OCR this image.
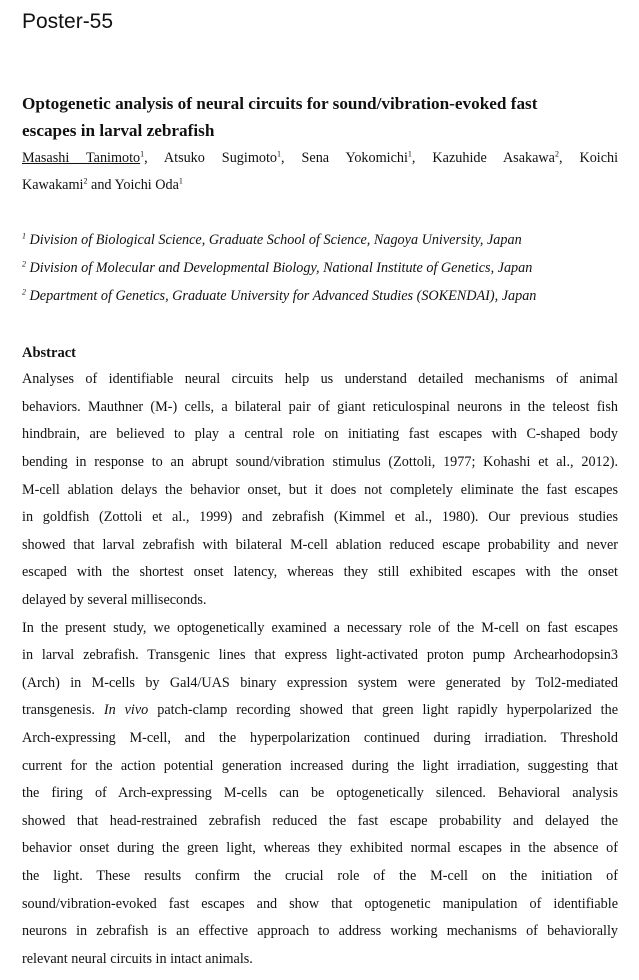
Poster-55
Optogenetic analysis of neural circuits for sound/vibration-evoked fast
escapes in larval zebrafish
Masashi Tanimoto$^1$, Atsuko Sugimoto$^1$, Sena Yokomichi$^1$, Kazuhide Asakawa$^2$, Koichi
Kawakami$^2$ and Yoichi Oda$^1$
$^1$ Division of Biological Science, Graduate School of Science, Nagoya University, Japan
$^2$ Division of Molecular and Developmental Biology, National Institute of Genetics, Japan
$^2$ Department of Genetics, Graduate University for Advanced Studies (SOKENDAI), Japan
Abstract
Analyses of identifiable neural circuits help us understand detailed mechanisms of animal
behaviors. Mauthner (M-) cells, a bilateral pair of giant reticulospinal neurons in the teleost fish
hindbrain, are believed to play a central role on initiating fast escapes with C-shaped body
bending in response to an abrupt sound/vibration stimulus (Zottoli, 1977; Kohashi et al., 2012).
M-cell ablation delays the behavior onset, but it does not completely eliminate the fast escapes
in goldfish (Zottoli et al., 1999) and zebrafish (Kimmel et al., 1980). Our previous studies
showed that larval zebrafish with bilateral M-cell ablation reduced escape probability and never
escaped with the shortest onset latency, whereas they still exhibited escapes with the onset
delayed by several milliseconds.
In the present study, we optogenetically examined a necessary role of the M-cell on fast escapes
in larval zebrafish. Transgenic lines that express light-activated proton pump Archearhodopsin3
(Arch) in M-cells by Gal4/UAS binary expression system were generated by Tol2-mediated
transgenesis. In vivo patch-clamp recording showed that green light rapidly hyperpolarized the
Arch-expressing M-cell, and the hyperpolarization continued during irradiation. Threshold
current for the action potential generation increased during the light irradiation, suggesting that
the firing of Arch-expressing M-cells can be optogenetically silenced. Behavioral analysis
showed that head-restrained zebrafish reduced the fast escape probability and delayed the
behavior onset during the green light, whereas they exhibited normal escapes in the absence of
the light. These results confirm the crucial role of the M-cell on the initiation of
sound/vibration-evoked fast escapes and show that optogenetic manipulation of identifiable
neurons in zebrafish is an effective approach to address working mechanisms of behaviorally
relevant neural circuits in intact animals.
